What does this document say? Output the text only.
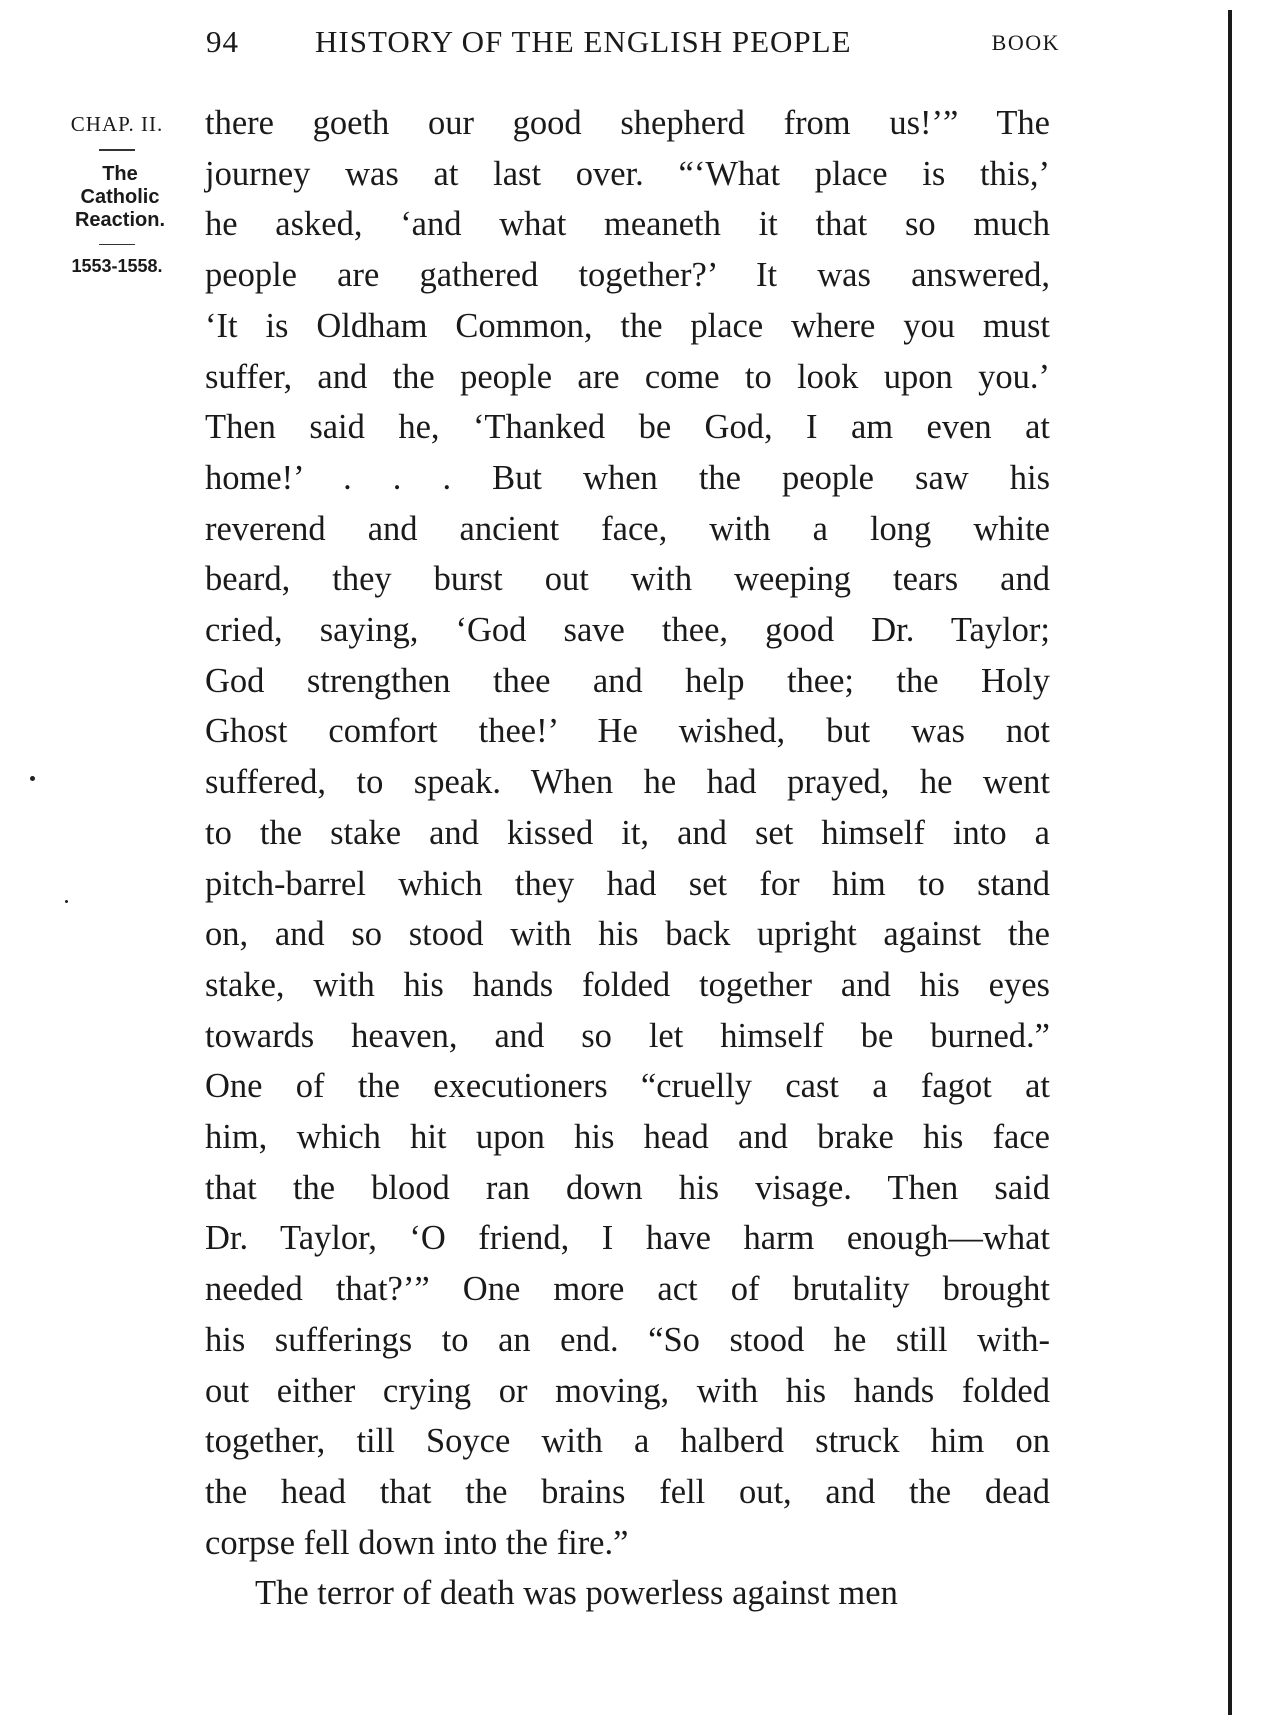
94 HISTORY OF THE ENGLISH PEOPLE	BOOK
CHAP. II.
The
Catholic
Reaction.
1553-1558.
there goeth our good shepherd from us!’” The
journey was at last over. “‘What place is this,’
he asked, ‘and what meaneth it that so much
people are gathered together?’ It was answered,
‘It is Oldham Common, the place where you must
suffer, and the people are come to look upon you.’
Then said he, ‘Thanked be God, I am even at
home!’ . . . But when the people saw his
reverend and ancient face, with a long white
beard, they burst out with weeping tears and
cried, saying, ‘God save thee, good Dr. Taylor;
God strengthen thee and help thee; the Holy
Ghost comfort thee!’ He wished, but was not
suffered, to speak. When he had prayed, he went
to the stake and kissed it, and set himself into a
pitch-barrel which they had set for him to stand
on, and so stood with his back upright against the
stake, with his hands folded together and his eyes
towards heaven, and so let himself be burned.”
One of the executioners “cruelly cast a fagot at
him, which hit upon his head and brake his face
that the blood ran down his visage. Then said
Dr. Taylor, ‘O friend, I have harm enough—what
needed that?’” One more act of brutality brought
his sufferings to an end. “So stood he still with-
out either crying or moving, with his hands folded
together, till Soyce with a halberd struck him on
the head that the brains fell out, and the dead
corpse fell down into the fire.”
The terror of death was powerless against men
